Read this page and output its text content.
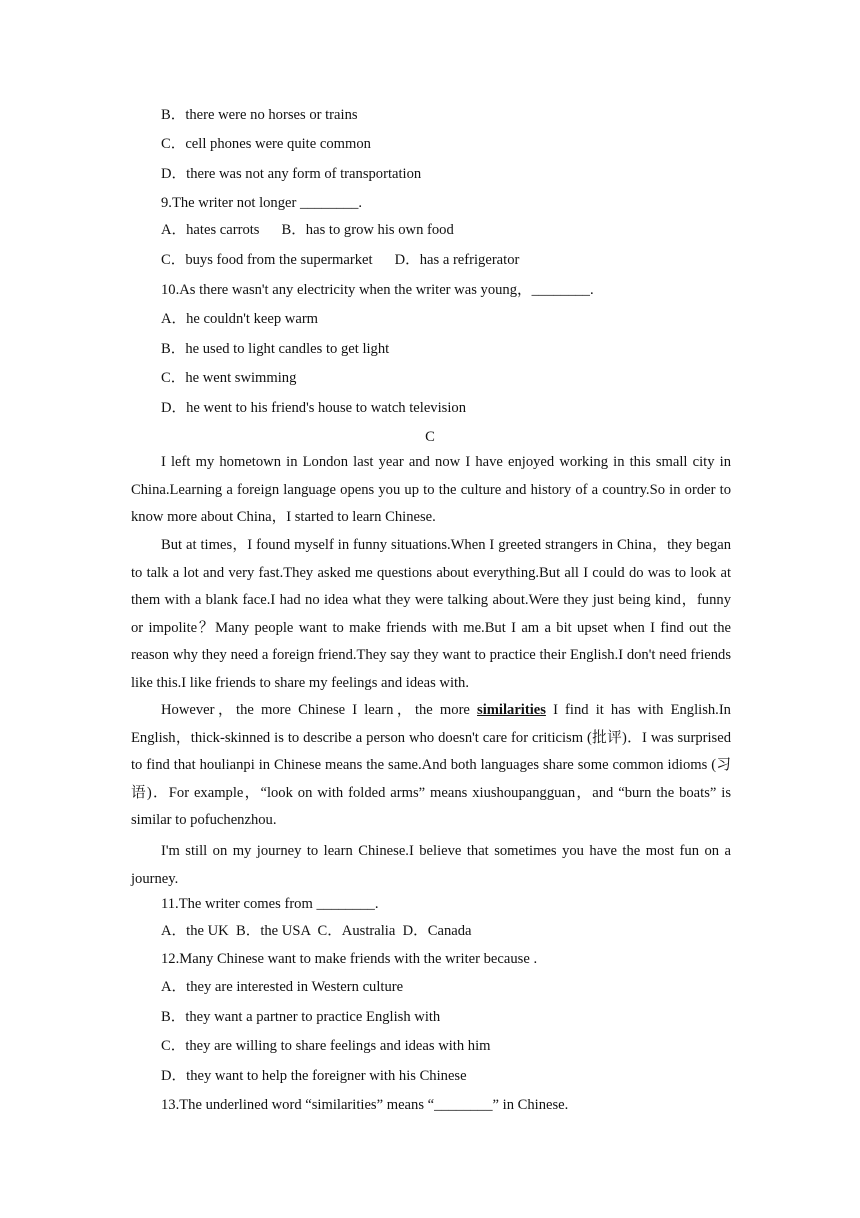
B．there were no horses or trains
C．cell phones were quite common
D．there was not any form of transportation
9.The writer not longer ________.
A．hates carrots B．has to grow his own food
C．buys food from the supermarket D．has a refrigerator
10.As there wasn't any electricity when the writer was young，________.
A．he couldn't keep warm
B．he used to light candles to get light
C．he went swimming
D．he went to his friend's house to watch television
C
I left my hometown in London last year and now I have enjoyed working in this small city in China.Learning a foreign language opens you up to the culture and history of a country.So in order to know more about China，I started to learn Chinese.
But at times，I found myself in funny situations.When I greeted strangers in China，they began to talk a lot and very fast.They asked me questions about everything.But all I could do was to look at them with a blank face.I had no idea what they were talking about.Were they just being kind，funny or impolite？Many people want to make friends with me.But I am a bit upset when I find out the reason why they need a foreign friend.They say they want to practice their English.I don't need friends like this.I like friends to share my feelings and ideas with.
However，the more Chinese I learn，the more similarities I find it has with English.In English，thick-skinned is to describe a person who doesn't care for criticism (批评)．I was surprised to find that houlianpi in Chinese means the same.And both languages share some common idioms (习语)．For example，“look on with folded arms” means xiushoupangguan，and “burn the boats” is similar to pofuchenzhou.
I'm still on my journey to learn Chinese.I believe that sometimes you have the most fun on a journey.
11.The writer comes from ________.
A．the UK  B．the USA  C．Australia  D．Canada
12.Many Chinese want to make friends with the writer because .
A．they are interested in Western culture
B．they want a partner to practice English with
C．they are willing to share feelings and ideas with him
D．they want to help the foreigner with his Chinese
13.The underlined word “similarities” means “________” in Chinese.
